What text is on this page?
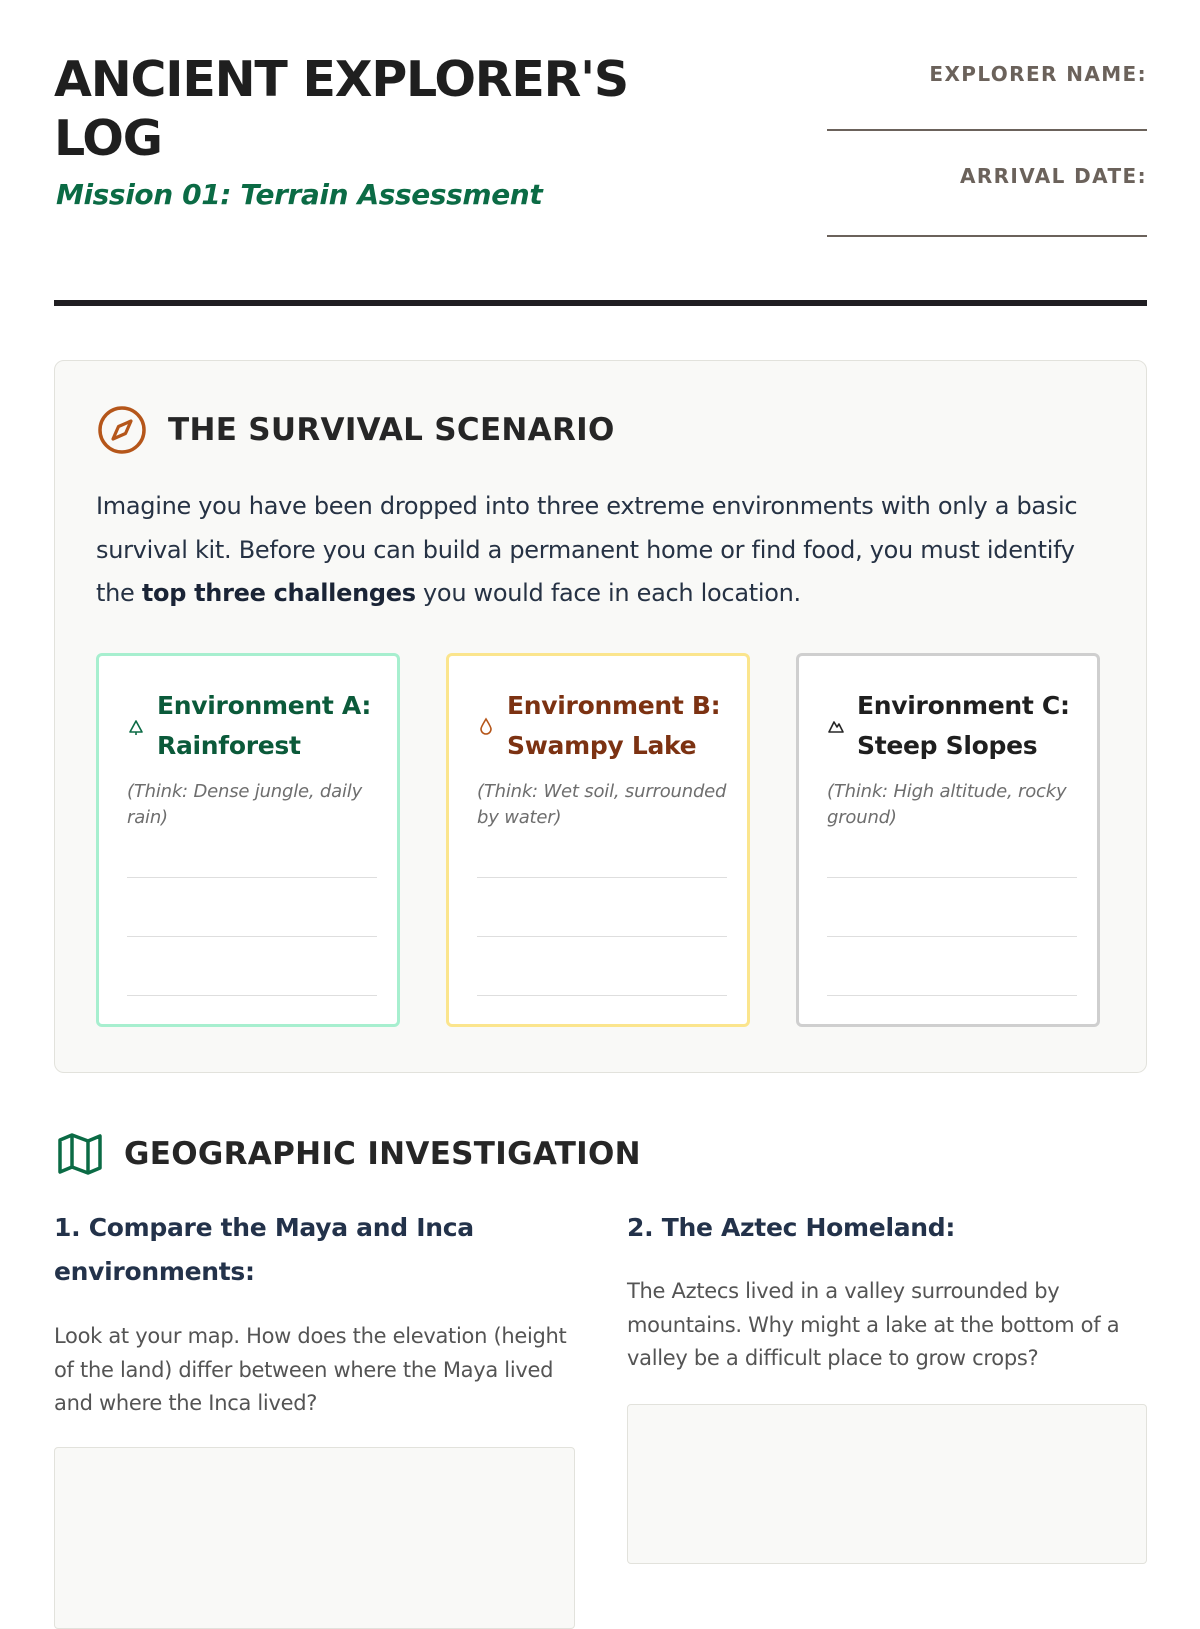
ANCIENT EXPLORER'S LOG
Mission 01: Terrain Assessment
EXPLORER NAME:
ARRIVAL DATE:
THE SURVIVAL SCENARIO

Imagine you have been dropped into three extreme environments with only a basic survival kit. Before you can build a permanent home or find food, you must identify the top three challenges you would face in each location.

Environment A: Rainforest

(Think: Dense jungle, daily rain)

Environment B: Swampy Lake

(Think: Wet soil, surrounded by water)

Environment C: Steep Slopes

(Think: High altitude, rocky ground)

GEOGRAPHIC INVESTIGATION
1. Compare the Maya and Inca environments:

Look at your map. How does the elevation (height of the land) differ between where the Maya lived and where the Inca lived?

2. The Aztec Homeland:

The Aztecs lived in a valley surrounded by mountains. Why might a lake at the bottom of a valley be a difficult place to grow crops?
